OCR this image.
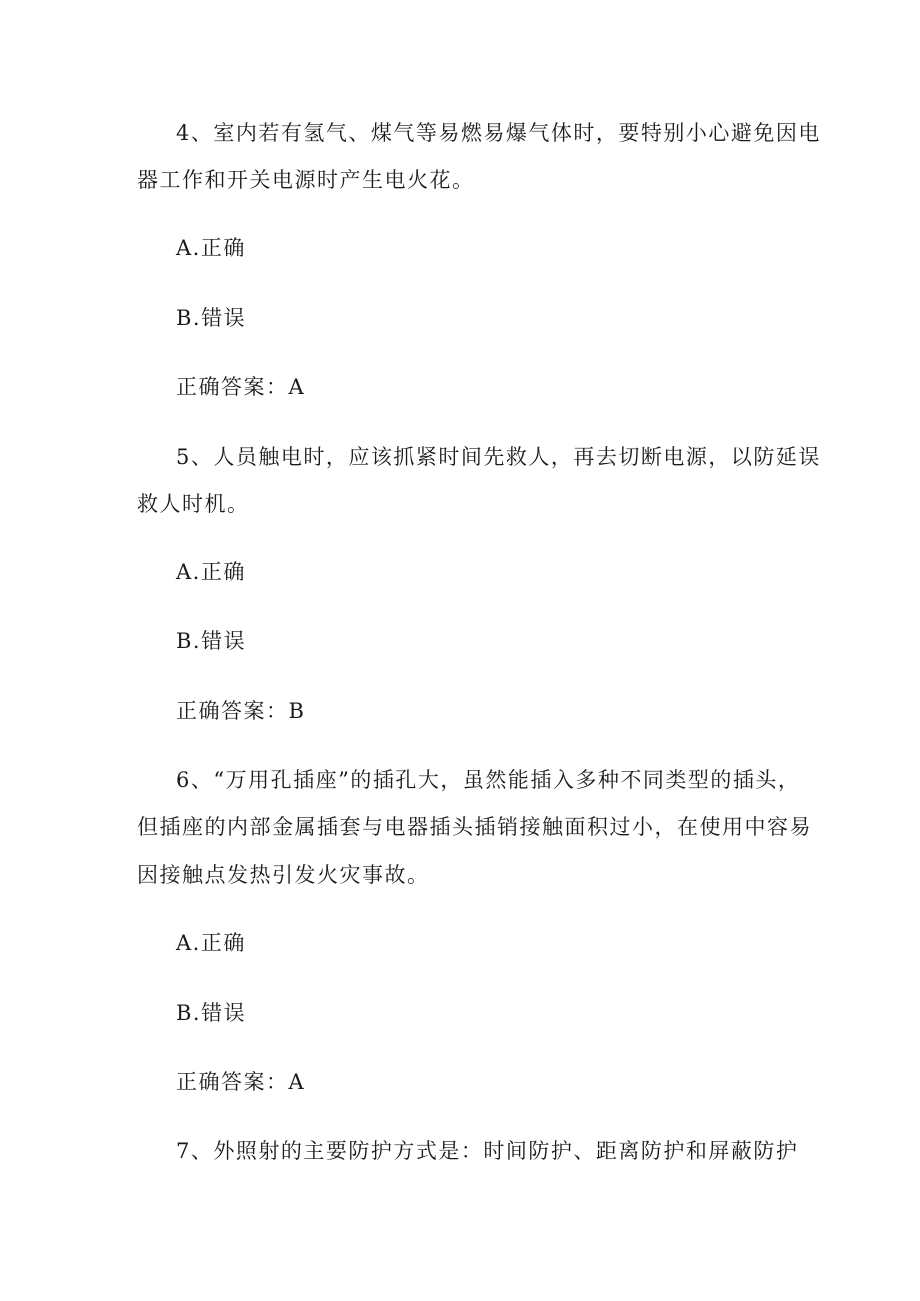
4、室内若有氢气、煤气等易燃易爆气体时，要特别小心避免因电
器工作和开关电源时产生电火花。
A.正确
B.错误
正确答案：A
5、人员触电时，应该抓紧时间先救人，再去切断电源，以防延误
救人时机。
A.正确
B.错误
正确答案：B
6、“万用孔插座”的插孔大，虽然能插入多种不同类型的插头，
但插座的内部金属插套与电器插头插销接触面积过小，在使用中容易
因接触点发热引发火灾事故。
A.正确
B.错误
正确答案：A
7、外照射的主要防护方式是：时间防护、距离防护和屏蔽防护
